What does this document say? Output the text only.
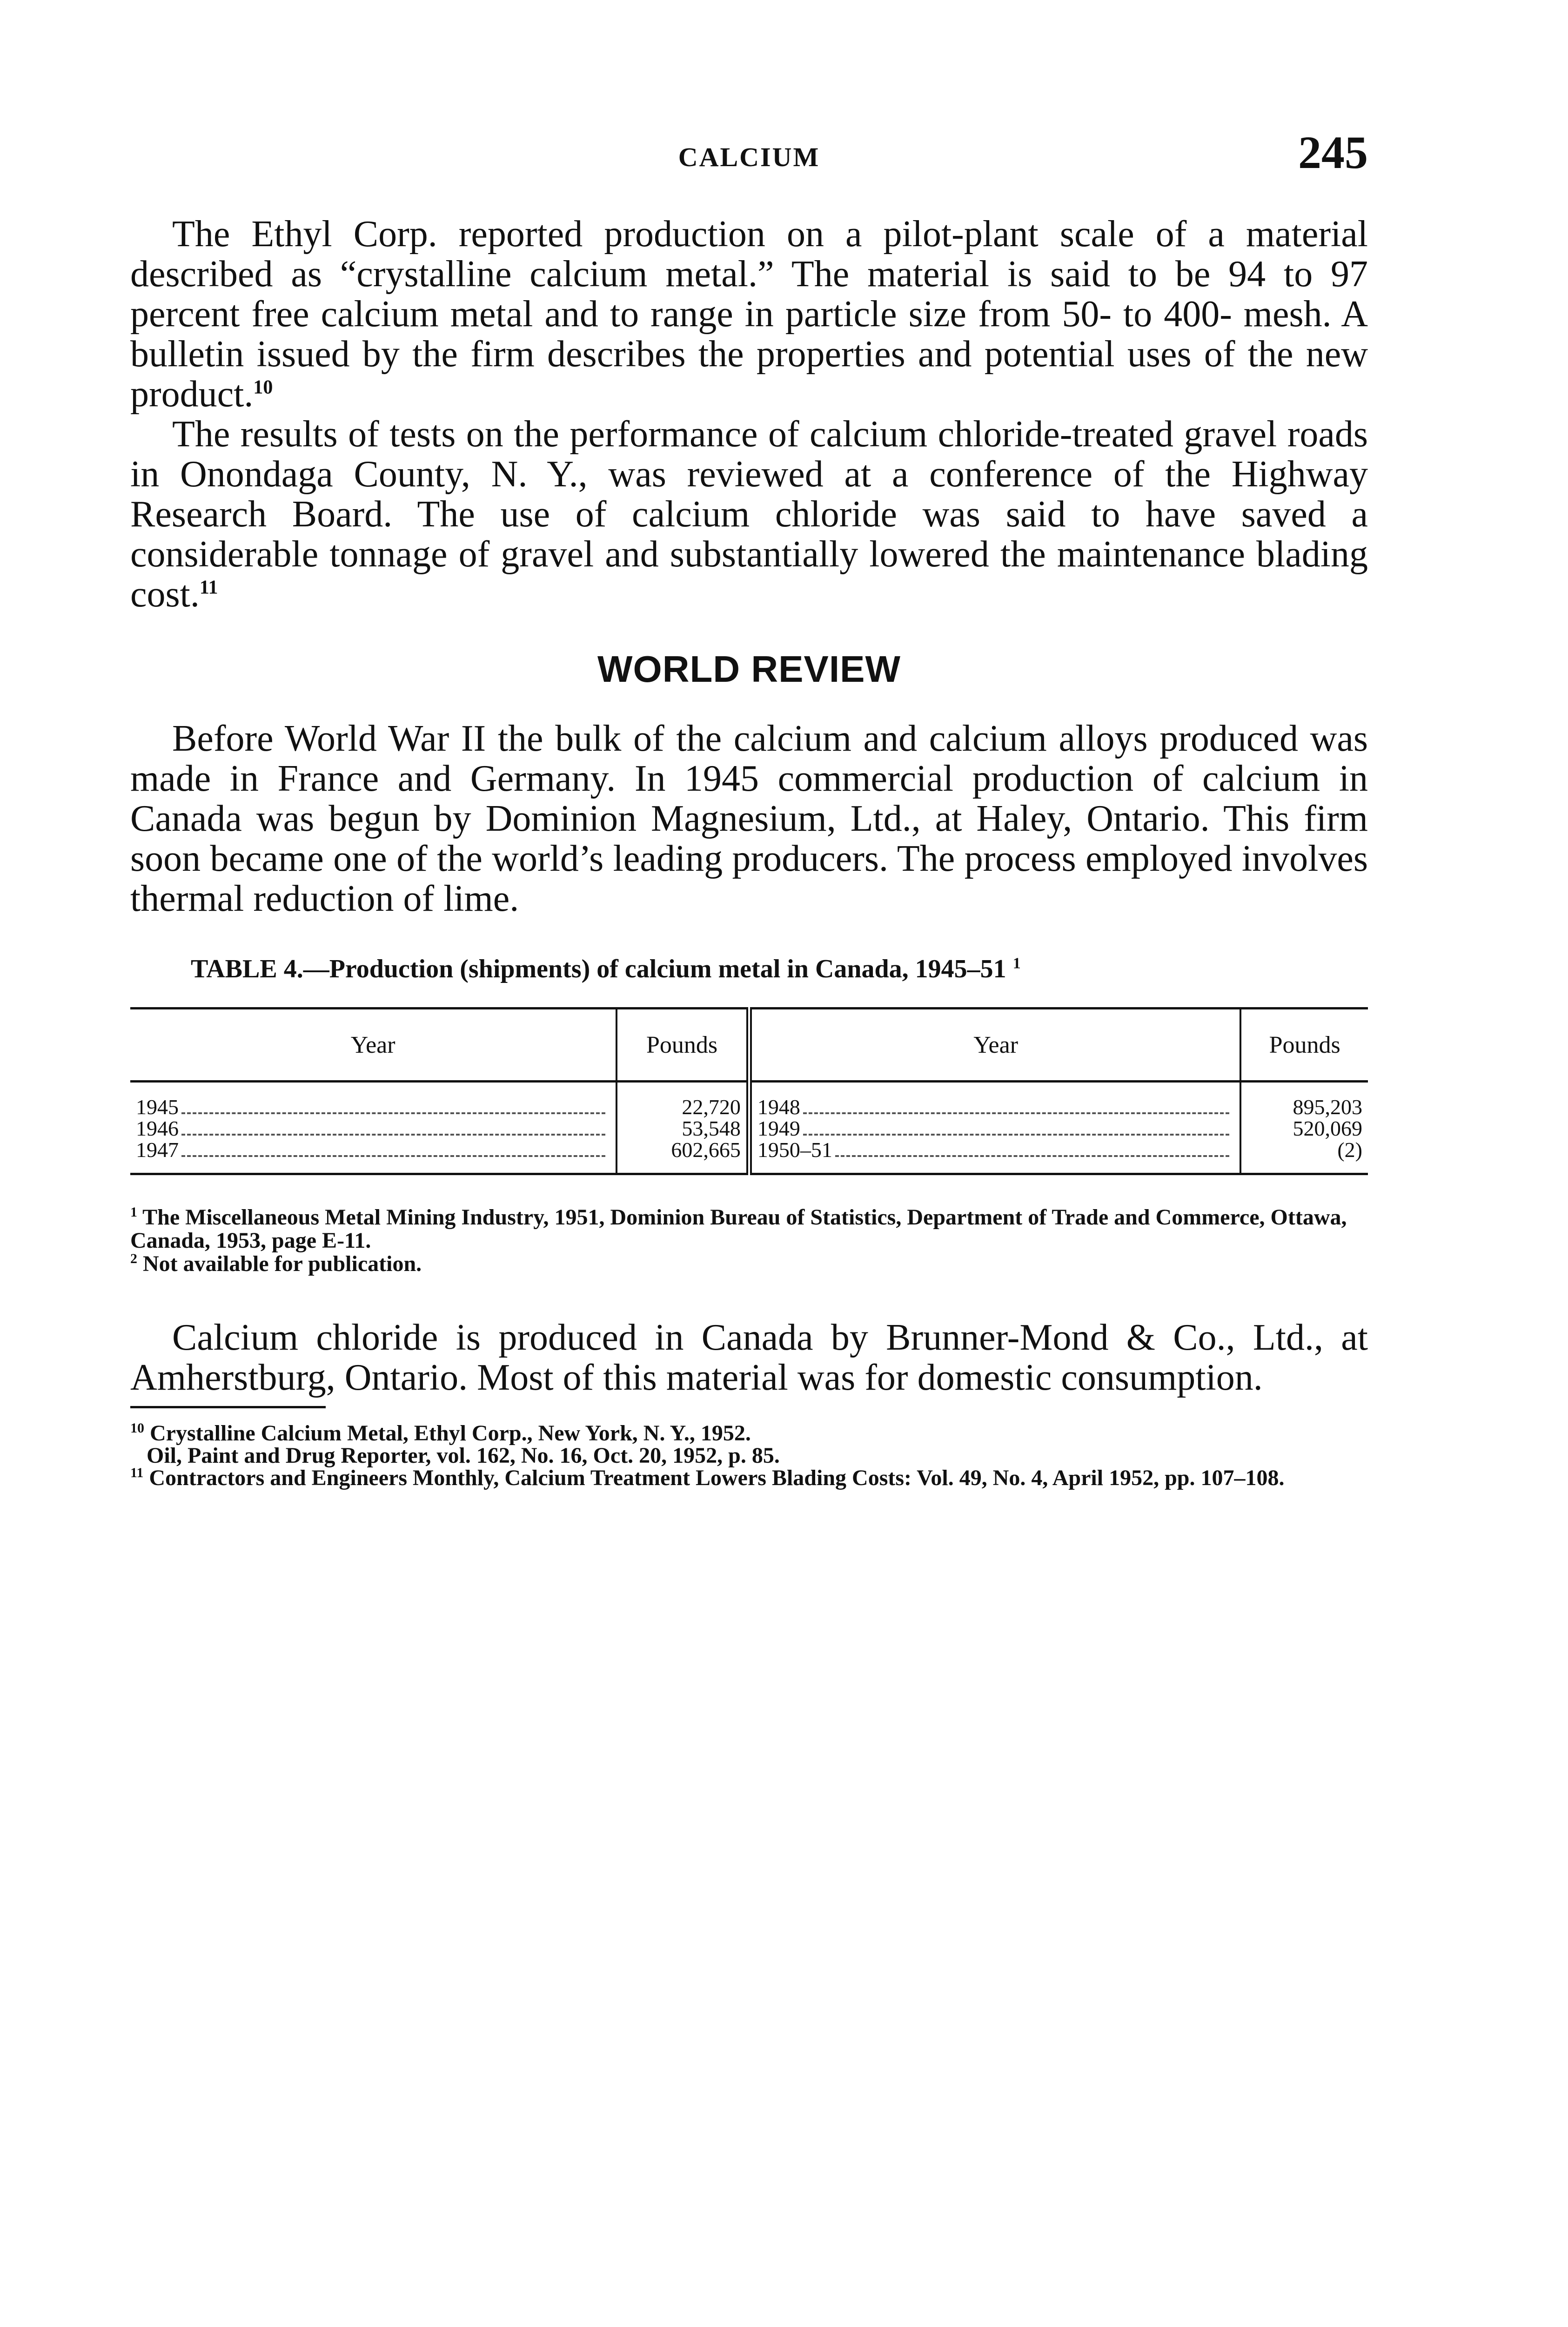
CALCIUM	245

The Ethyl Corp. reported production on a pilot-plant scale of a material described as “crystalline calcium metal.” The material is said to be 94 to 97 percent free calcium metal and to range in particle size from 50- to 400- mesh. A bulletin issued by the firm describes the properties and potential uses of the new product.$^{10}$

The results of tests on the performance of calcium chloride-treated gravel roads in Onondaga County, N. Y., was reviewed at a conference of the Highway Research Board. The use of calcium chloride was said to have saved a considerable tonnage of gravel and substantially lowered the maintenance blading cost.$^{11}$

WORLD REVIEW

Before World War II the bulk of the calcium and calcium alloys produced was made in France and Germany. In 1945 commercial production of calcium in Canada was begun by Dominion Magnesium, Ltd., at Haley, Ontario. This firm soon became one of the world’s leading producers. The process employed involves thermal reduction of lime.

TABLE 4.—Production (shipments) of calcium metal in Canada, 1945–51 $^1$
Year	Pounds	Year	Pounds

1945	22,720	1948	895,203

1946	53,548	1949	520,069

1947	602,665	1950–51	(2)

$^1$ The Miscellaneous Metal Mining Industry, 1951, Dominion Bureau of Statistics, Department of Trade and Commerce, Ottawa, Canada, 1953, page E-11.

$^2$ Not available for publication.

Calcium chloride is produced in Canada by Brunner-Mond & Co., Ltd., at Amherstburg, Ontario. Most of this material was for domestic consumption.

$^{10}$ Crystalline Calcium Metal, Ethyl Corp., New York, N. Y., 1952.

Oil, Paint and Drug Reporter, vol. 162, No. 16, Oct. 20, 1952, p. 85.

$^{11}$ Contractors and Engineers Monthly, Calcium Treatment Lowers Blading Costs: Vol. 49, No. 4, April 1952, pp. 107–108.
